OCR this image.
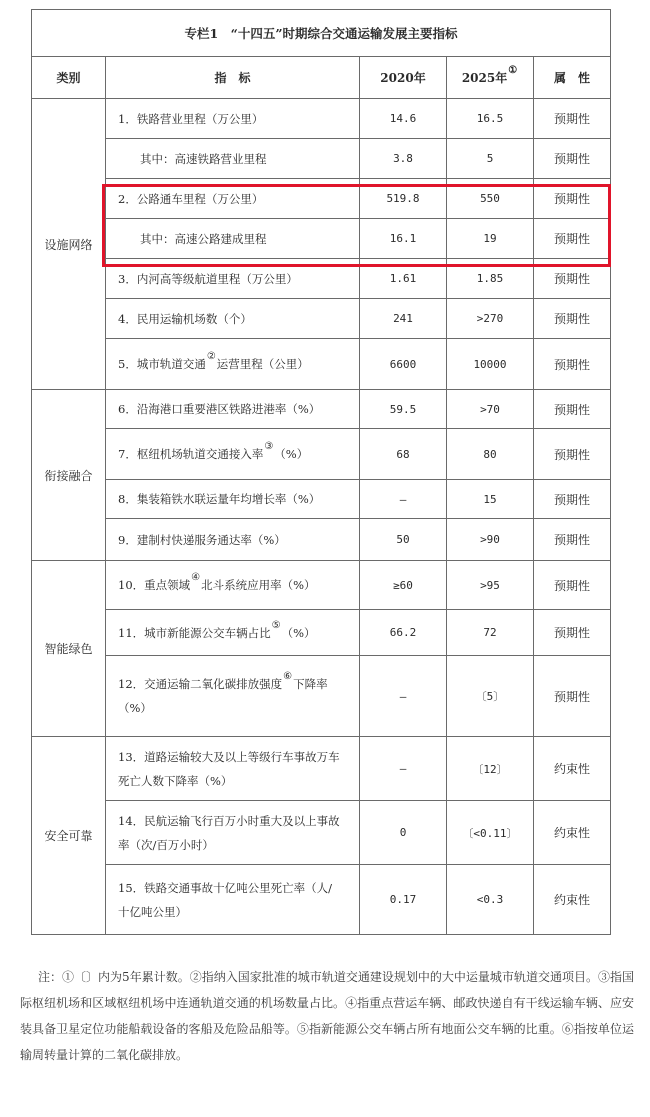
专栏1　“十四五”时期综合交通运输发展主要指标				
类别	指　标	2020年	2025年①	属　性
设施网络	1．铁路营业里程（万公里）	14.6	16.5	预期性
	其中：高速铁路营业里程	3.8	5	预期性
	2．公路通车里程（万公里）	519.8	550	预期性
	其中：高速公路建成里程	16.1	19	预期性
	3．内河高等级航道里程（万公里）	1.61	1.85	预期性
	4．民用运输机场数（个）	241	>270	预期性
	5．城市轨道交通②运营里程（公里）	6600	10000	预期性
衔接融合	6．沿海港口重要港区铁路进港率（%）	59.5	>70	预期性
	7．枢纽机场轨道交通接入率③（%）	68	80	预期性
	8．集装箱铁水联运量年均增长率（%）	—	15	预期性
	9．建制村快递服务通达率（%）	50	>90	预期性
智能绿色	10．重点领域④北斗系统应用率（%）	≥60	>95	预期性
	11．城市新能源公交车辆占比⑤（%）	66.2	72	预期性
	12．交通运输二氧化碳排放强度⑥下降率
（%）	—	〔5〕	预期性
安全可靠	13．道路运输较大及以上等级行车事故万车
死亡人数下降率（%）	—	〔12〕	约束性
	14．民航运输飞行百万小时重大及以上事故
率（次/百万小时）	0	〔<0.11〕	约束性
	15．铁路交通事故十亿吨公里死亡率（人/
十亿吨公里）	0.17	<0.3	约束性
注：①〔〕内为5年累计数。②指纳入国家批准的城市轨道交通建设规划中的大中运量城市轨道交通项目。③指国际枢纽机场和区域枢纽机场中连通轨道交通的机场数量占比。④指重点营运车辆、邮政快递自有干线运输车辆、应安装具备卫星定位功能船载设备的客船及危险品船等。⑤指新能源公交车辆占所有地面公交车辆的比重。⑥指按单位运输周转量计算的二氧化碳排放。
